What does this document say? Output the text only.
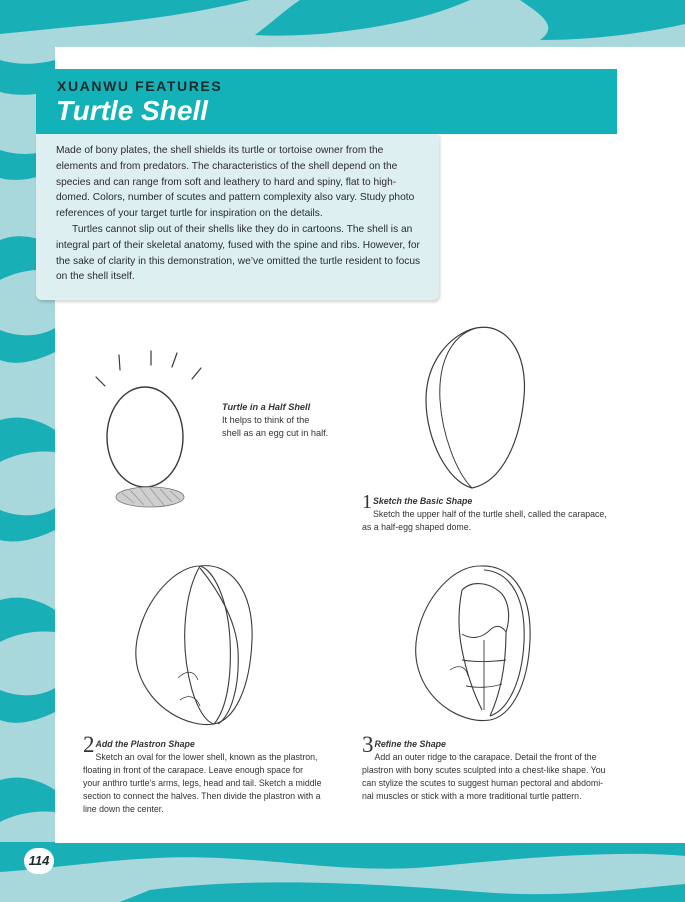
XUANWU FEATURES
Turtle Shell

Made of bony plates, the shell shields its turtle or tortoise owner from the elements and from predators. The characteristics of the shell depend on the species and can range from soft and leathery to hard and spiny, flat to high-domed. Colors, number of scutes and pattern complexity also vary. Study photo references of your target turtle for inspiration on the details.

Turtles cannot slip out of their shells like they do in cartoons. The shell is an integral part of their skeletal anatomy, fused with the spine and ribs. However, for the sake of clarity in this demonstration, we’ve omitted the turtle resident to focus on the shell itself.

Turtle in a Half Shell
It helps to think of the
shell as an egg cut in half.
1 Sketch the Basic Shape
Sketch the upper half of the turtle shell, called the carapace,
as a half-egg shaped dome.
2 Add the Plastron Shape
Sketch an oval for the lower shell, known as the plastron,
floating in front of the carapace. Leave enough space for
your anthro turtle’s arms, legs, head and tail. Sketch a middle
section to connect the halves. Then divide the plastron with a
line down the center.
3 Refine the Shape
Add an outer ridge to the carapace. Detail the front of the
plastron with bony scutes sculpted into a chest-like shape. You
can stylize the scutes to suggest human pectoral and abdomi-
nal muscles or stick with a more traditional turtle pattern.
114
